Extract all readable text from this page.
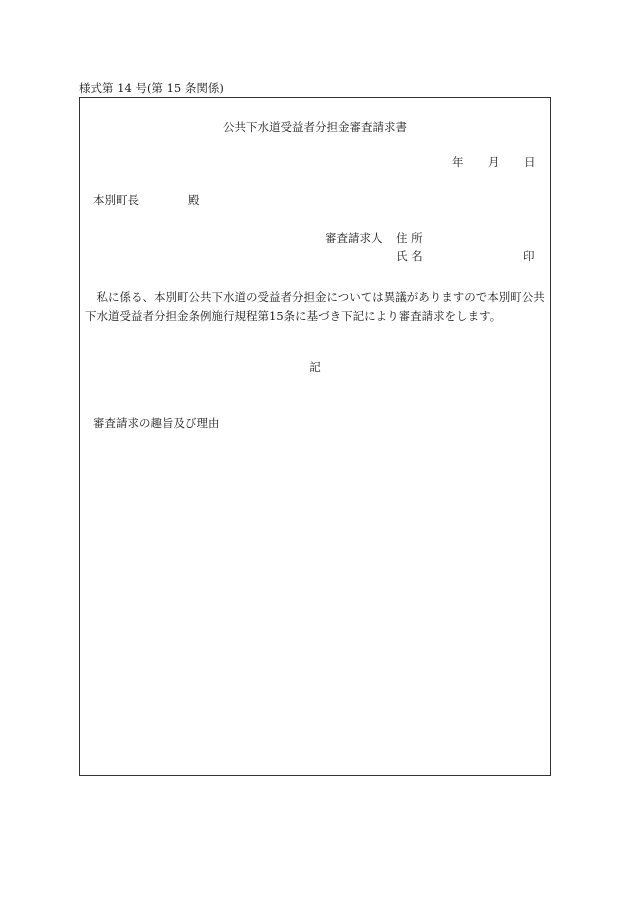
様式第 14 号(第 15 条関係)
公共下水道受益者分担金審査請求書
年 月 日
本別町長	殿
審査請求人 住 所
氏 名	印
　私に係る、本別町公共下水道の受益者分担金については異議がありますので本別町公共
下水道受益者分担金条例施行規程第15条に基づき下記により審査請求をします。
記
審査請求の趣旨及び理由
